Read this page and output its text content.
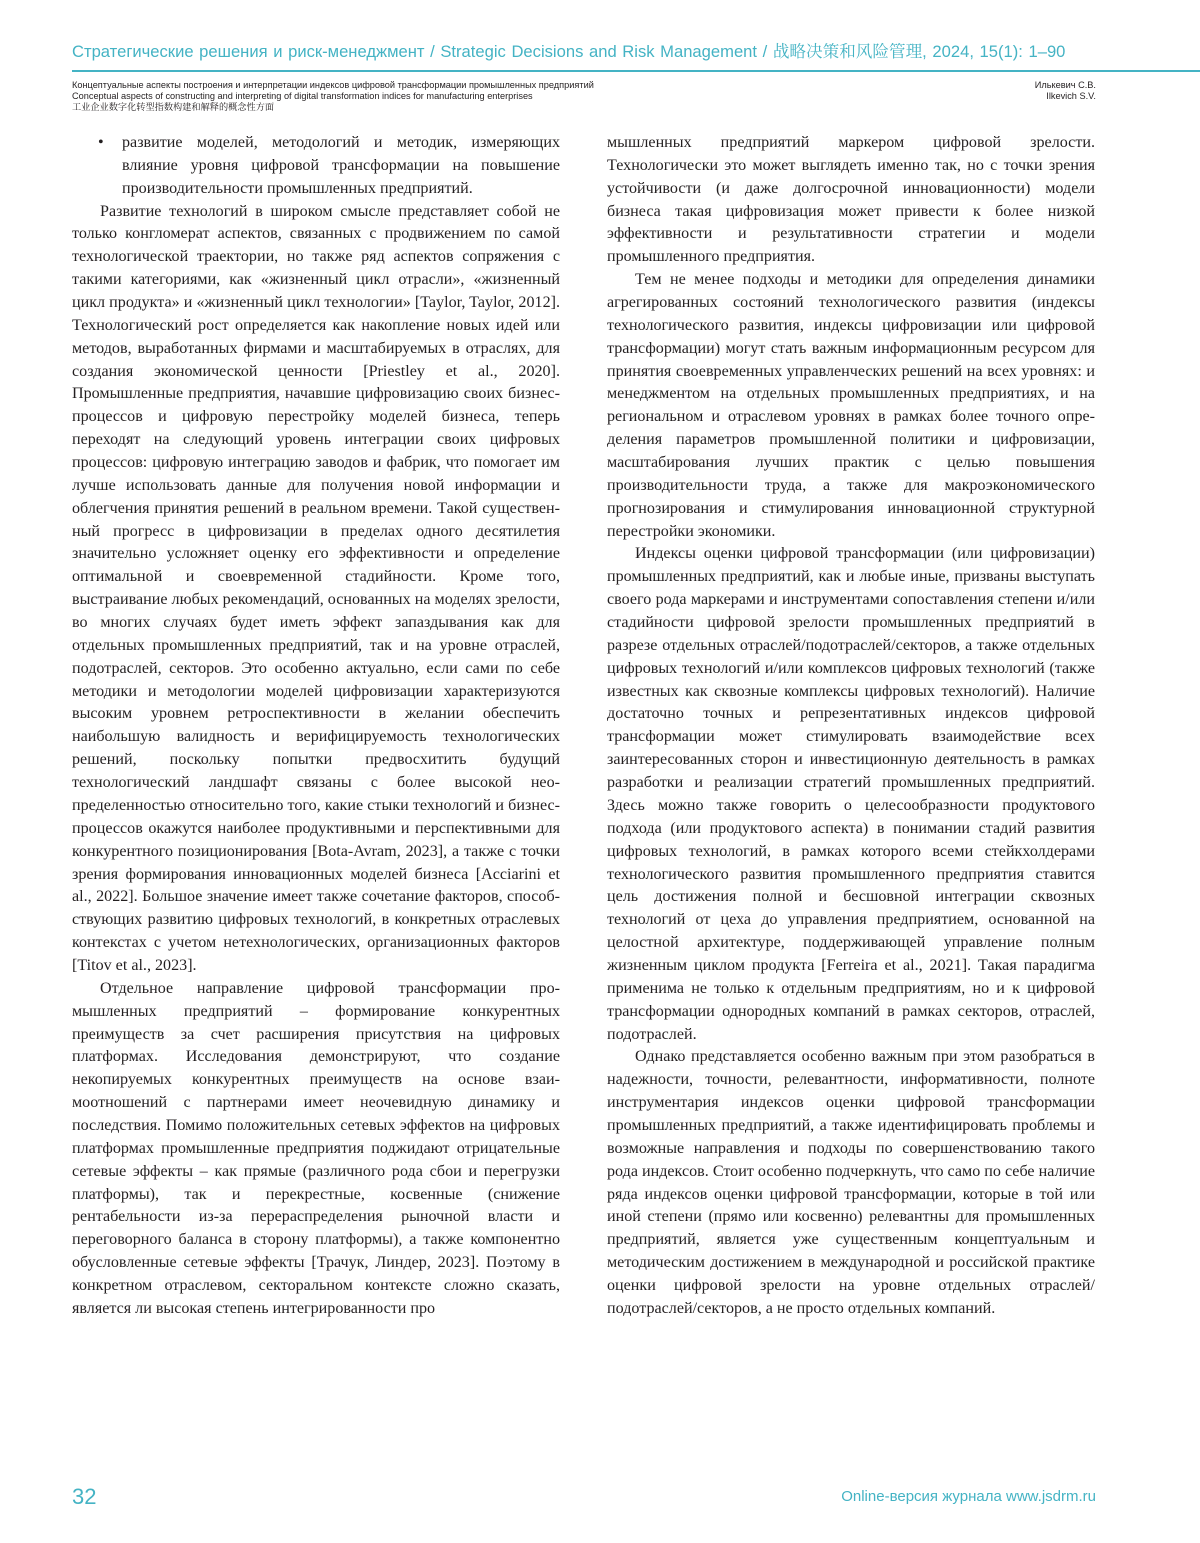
Стратегические решения и риск-менеджмент / Strategic Decisions and Risk Management / 战略决策和风险管理, 2024, 15(1): 1–90
Концептуальные аспекты построения и интерпретации индексов цифровой трансформации промышленных предприятий
Conceptual aspects of constructing and interpreting of digital transformation indices for manufacturing enterprises
工业企业数字化转型指数构建和解释的概念性方面
Илькевич С.В.
Ilkevich S.V.
• развитие моделей, методологий и методик, измеряющих влияние уровня цифровой трансформации на повышение производительности промышленных предприятий.

Развитие технологий в широком смысле представляет собой не только конгломерат аспектов, связанных с продвижением по самой технологической траектории, но также ряд аспектов сопряжения с такими категориями, как «жизненный цикл отрасли», «жизненный цикл продукта» и «жизненный цикл технологии» [Taylor, Taylor, 2012]. Технологический рост определяется как накопление новых идей или методов, выработанных фирмами и масштабируемых в отраслях, для создания экономической ценности [Priestley et al., 2020]. Промышленные предприятия, начавшие цифровизацию своих бизнес-процессов и цифровую перестройку моделей бизнеса, теперь переходят на следующий уровень интеграции своих цифровых процессов: цифровую интеграцию заводов и фабрик, что помогает им лучше использовать данные для получения новой информации и облегчения принятия решений в реальном времени. Такой существенный прогресс в цифровизации в пределах одного десятилетия значительно усложняет оценку его эффективности и определение оптимальной и своевременной стадийности. Кроме того, выстраивание любых рекомендаций, основанных на моделях зрелости, во многих случаях будет иметь эффект запаздывания как для отдельных промышленных предприятий, так и на уровне отраслей, подотраслей, секторов. Это особенно актуально, если сами по себе методики и методологии моделей цифровизации характеризуются высоким уровнем ретроспективности в желании обеспечить наибольшую валидность и верифицируемость технологических решений, поскольку попытки предвосхитить будущий технологический ландшафт связаны с более высокой неопределенностью относительно того, какие стыки технологий и бизнес-процессов окажутся наиболее продуктивными и перспективными для конкурентного позиционирования [Bota-Avram, 2023], а также с точки зрения формирования инновационных моделей бизнеса [Acciarini et al., 2022]. Большое значение имеет также сочетание факторов, способствующих развитию цифровых технологий, в конкретных отраслевых контекстах с учетом нетехнологических, организационных факторов [Titov et al., 2023].

Отдельное направление цифровой трансформации промышленных предприятий – формирование конкурентных преимуществ за счет расширения присутствия на цифровых платформах. Исследования демонстрируют, что создание некопируемых конкурентных преимуществ на основе взаимоотношений с партнерами имеет неочевидную динамику и последствия. Помимо положительных сетевых эффектов на цифровых платформах промышленные предприятия поджидают отрицательные сетевые эффекты – как прямые (различного рода сбои и перегрузки платформы), так и перекрестные, косвенные (снижение рентабельности из-за перераспределения рыночной власти и переговорного баланса в сторону платформы), а также компонентно обусловленные сетевые эффекты [Трачук, Линдер, 2023]. Поэтому в конкретном отраслевом, секторальном контексте сложно сказать, является ли высокая степень интегрированности про

мышленных предприятий маркером цифровой зрелости. Технологически это может выглядеть именно так, но с точки зрения устойчивости (и даже долгосрочной инновационности) модели бизнеса такая цифровизация может привести к более низкой эффективности и результативности стратегии и модели промышленного предприятия.

Тем не менее подходы и методики для определения динамики агрегированных состояний технологического развития (индексы технологического развития, индексы цифровизации или цифровой трансформации) могут стать важным информационным ресурсом для принятия своевременных управленческих решений на всех уровнях: и менеджментом на отдельных промышленных предприятиях, и на региональном и отраслевом уровнях в рамках более точного определения параметров промышленной политики и цифровизации, масштабирования лучших практик с целью повышения производительности труда, а также для макроэкономического прогнозирования и стимулирования инновационной структурной перестройки экономики.

Индексы оценки цифровой трансформации (или цифровизации) промышленных предприятий, как и любые иные, призваны выступать своего рода маркерами и инструментами сопоставления степени и/или стадийности цифровой зрелости промышленных предприятий в разрезе отдельных отраслей/подотраслей/секторов, а также отдельных цифровых технологий и/или комплексов цифровых технологий (также известных как сквозные комплексы цифровых технологий). Наличие достаточно точных и репрезентативных индексов цифровой трансформации может стимулировать взаимодействие всех заинтересованных сторон и инвестиционную деятельность в рамках разработки и реализации стратегий промышленных предприятий. Здесь можно также говорить о целесообразности продуктового подхода (или продуктового аспекта) в понимании стадий развития цифровых технологий, в рамках которого всеми стейкхолдерами технологического развития промышленного предприятия ставится цель достижения полной и бесшовной интеграции сквозных технологий от цеха до управления предприятием, основанной на целостной архитектуре, поддерживающей управление полным жизненным циклом продукта [Ferreira et al., 2021]. Такая парадигма применима не только к отдельным предприятиям, но и к цифровой трансформации однородных компаний в рамках секторов, отраслей, подотраслей.

Однако представляется особенно важным при этом разобраться в надежности, точности, релевантности, информативности, полноте инструментария индексов оценки цифровой трансформации промышленных предприятий, а также идентифицировать проблемы и возможные направления и подходы по совершенствованию такого рода индексов. Стоит особенно подчеркнуть, что само по себе наличие ряда индексов оценки цифровой трансформации, которые в той или иной степени (прямо или косвенно) релевантны для промышленных предприятий, является уже существенным концептуальным и методическим достижением в международной и российской практике оценки цифровой зрелости на уровне отдельных отраслей/подотраслей/секторов, а не просто отдельных компаний.

32	Online-версия журнала www.jsdrm.ru
